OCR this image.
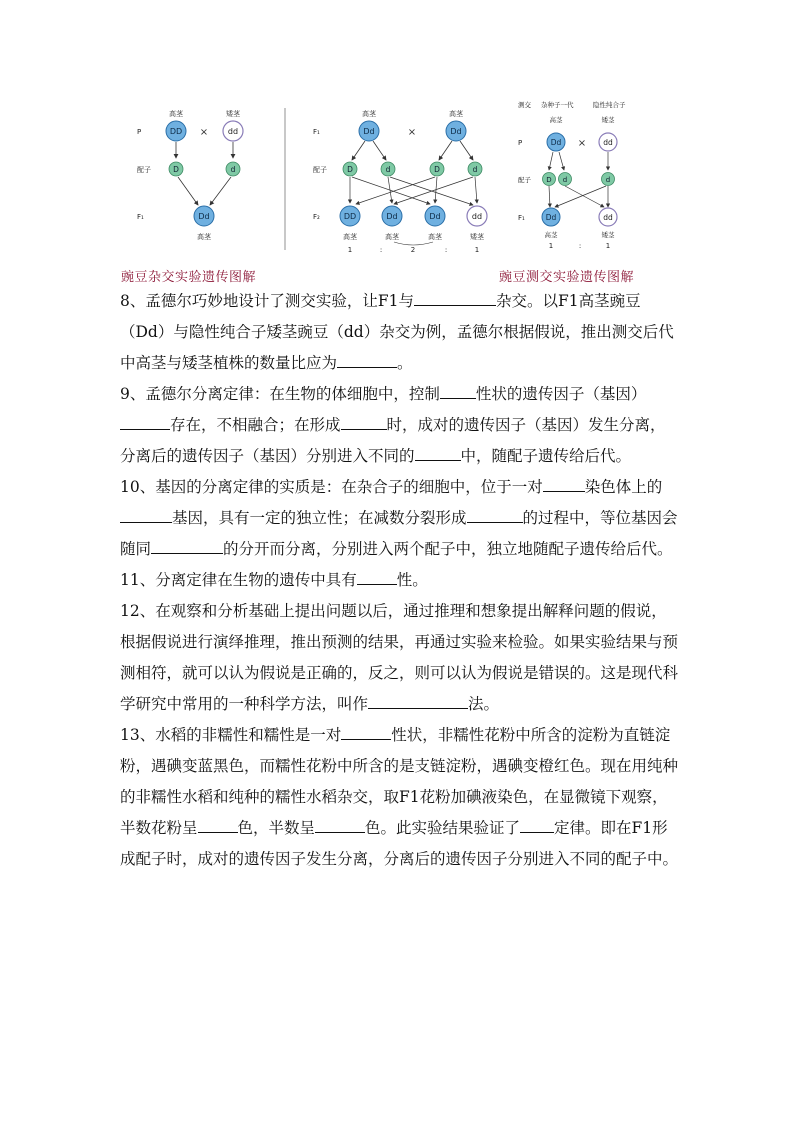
高茎	矮茎
P	DD × dd
配子	D	d
F₁	Dd
高茎
高茎	高茎
F₁	Dd	×	Dd
配子	D	d	D	d
F₂	DD	Dd	Dd	dd
高茎	高茎	高茎	矮茎
1	:	2	:	1
测交 杂种子一代	隐性纯合子
高茎	矮茎
P	Dd × dd
配子 D d	d
F₁	Dd	dd
高茎	矮茎
1	:	1
豌豆杂交实验遗传图解	豌豆测交实验遗传图解

8、孟德尔巧妙地设计了测交实验，让F1与	杂交。以F1高茎豌豆（Dd）与隐性纯合子矮茎豌豆（dd）杂交为例，孟德尔根据假说，推出测交后代中高茎与矮茎植株的数量比应为	。

9、孟德尔分离定律：在生物的体细胞中，控制 性状的遗传因子（基因）存在，不相融合；在形成	时，成对的遗传因子（基因）发生分离，分离后的遗传因子（基因）分别进入不同的	中，随配子遗传给后代。

10、基因的分离定律的实质是：在杂合子的细胞中，位于一对	染色体上的基因，具有一定的独立性；在减数分裂形成	的过程中，等位基因会随同	的分开而分离，分别进入两个配子中，独立地随配子遗传给后代。

11、分离定律在生物的遗传中具有	性。

12、在观察和分析基础上提出问题以后，通过推理和想象提出解释问题的假说，根据假说进行演绎推理，推出预测的结果，再通过实验来检验。如果实验结果与预测相符，就可以认为假说是正确的，反之，则可以认为假说是错误的。这是现代科学研究中常用的一种科学方法，叫作	法。

13、水稻的非糯性和糯性是一对	性状，非糯性花粉中所含的淀粉为直链淀粉，遇碘变蓝黑色，而糯性花粉中所含的是支链淀粉，遇碘变橙红色。现在用纯种的非糯性水稻和纯种的糯性水稻杂交，取F1花粉加碘液染色，在显微镜下观察，半数花粉呈	色，半数呈	色。此实验结果验证了 定律。即在F1形成配子时，成对的遗传因子发生分离，分离后的遗传因子分别进入不同的配子中。
